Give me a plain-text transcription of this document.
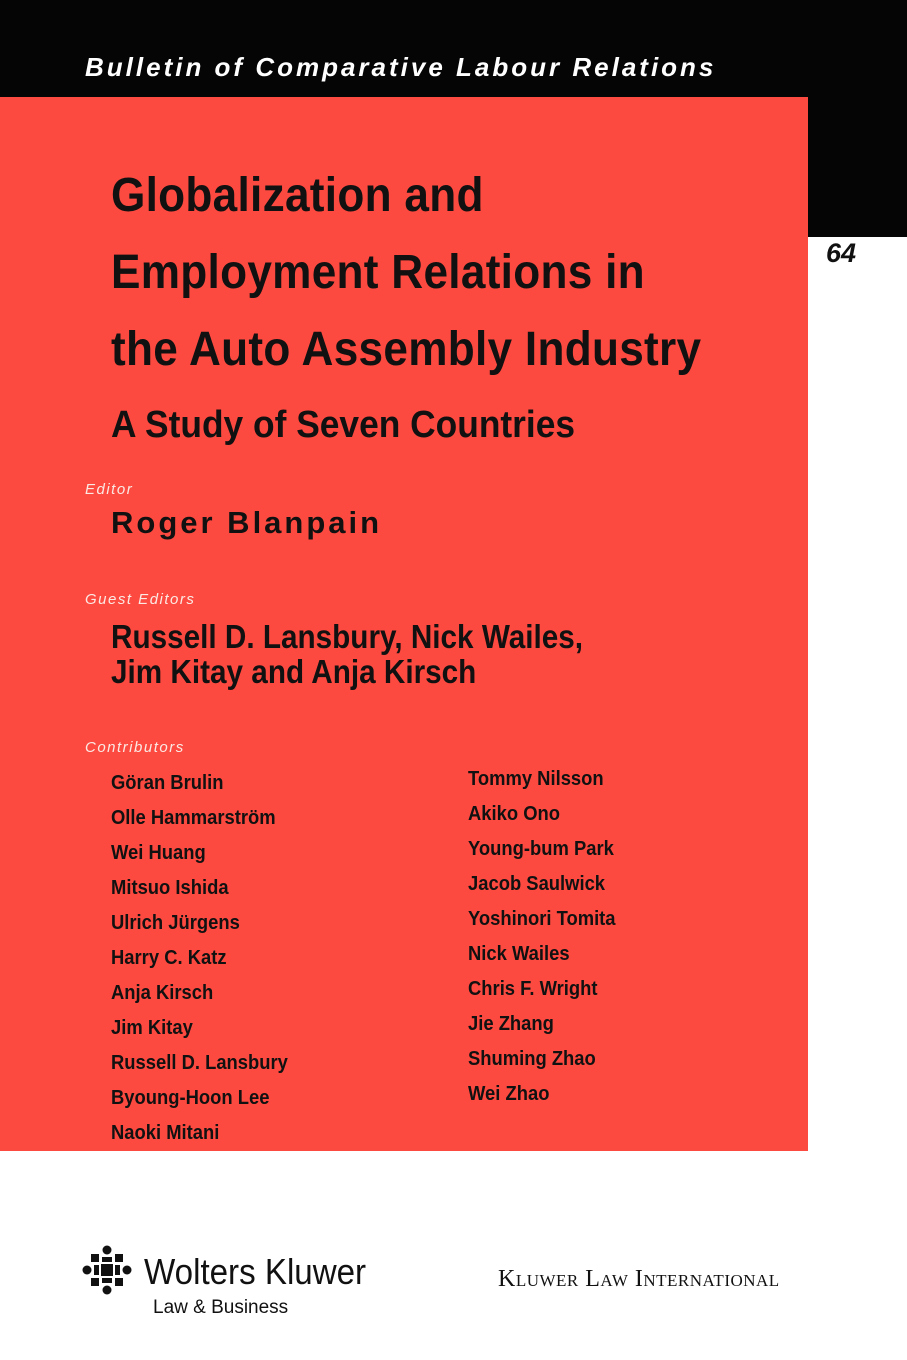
Bulletin of Comparative Labour Relations
64
Globalization and
Employment Relations in
the Auto Assembly Industry
A Study of Seven Countries
Editor
Roger Blanpain
Guest Editors
Russell D. Lansbury, Nick Wailes,
Jim Kitay and Anja Kirsch
Contributors
Göran Brulin
Olle Hammarström
Wei Huang
Mitsuo Ishida
Ulrich Jürgens
Harry C. Katz
Anja Kirsch
Jim Kitay
Russell D. Lansbury
Byoung-Hoon Lee
Naoki Mitani
Tommy Nilsson
Akiko Ono
Young-bum Park
Jacob Saulwick
Yoshinori Tomita
Nick Wailes
Chris F. Wright
Jie Zhang
Shuming Zhao
Wei Zhao
Wolters Kluwer
Law & Business
Kluwer Law International
